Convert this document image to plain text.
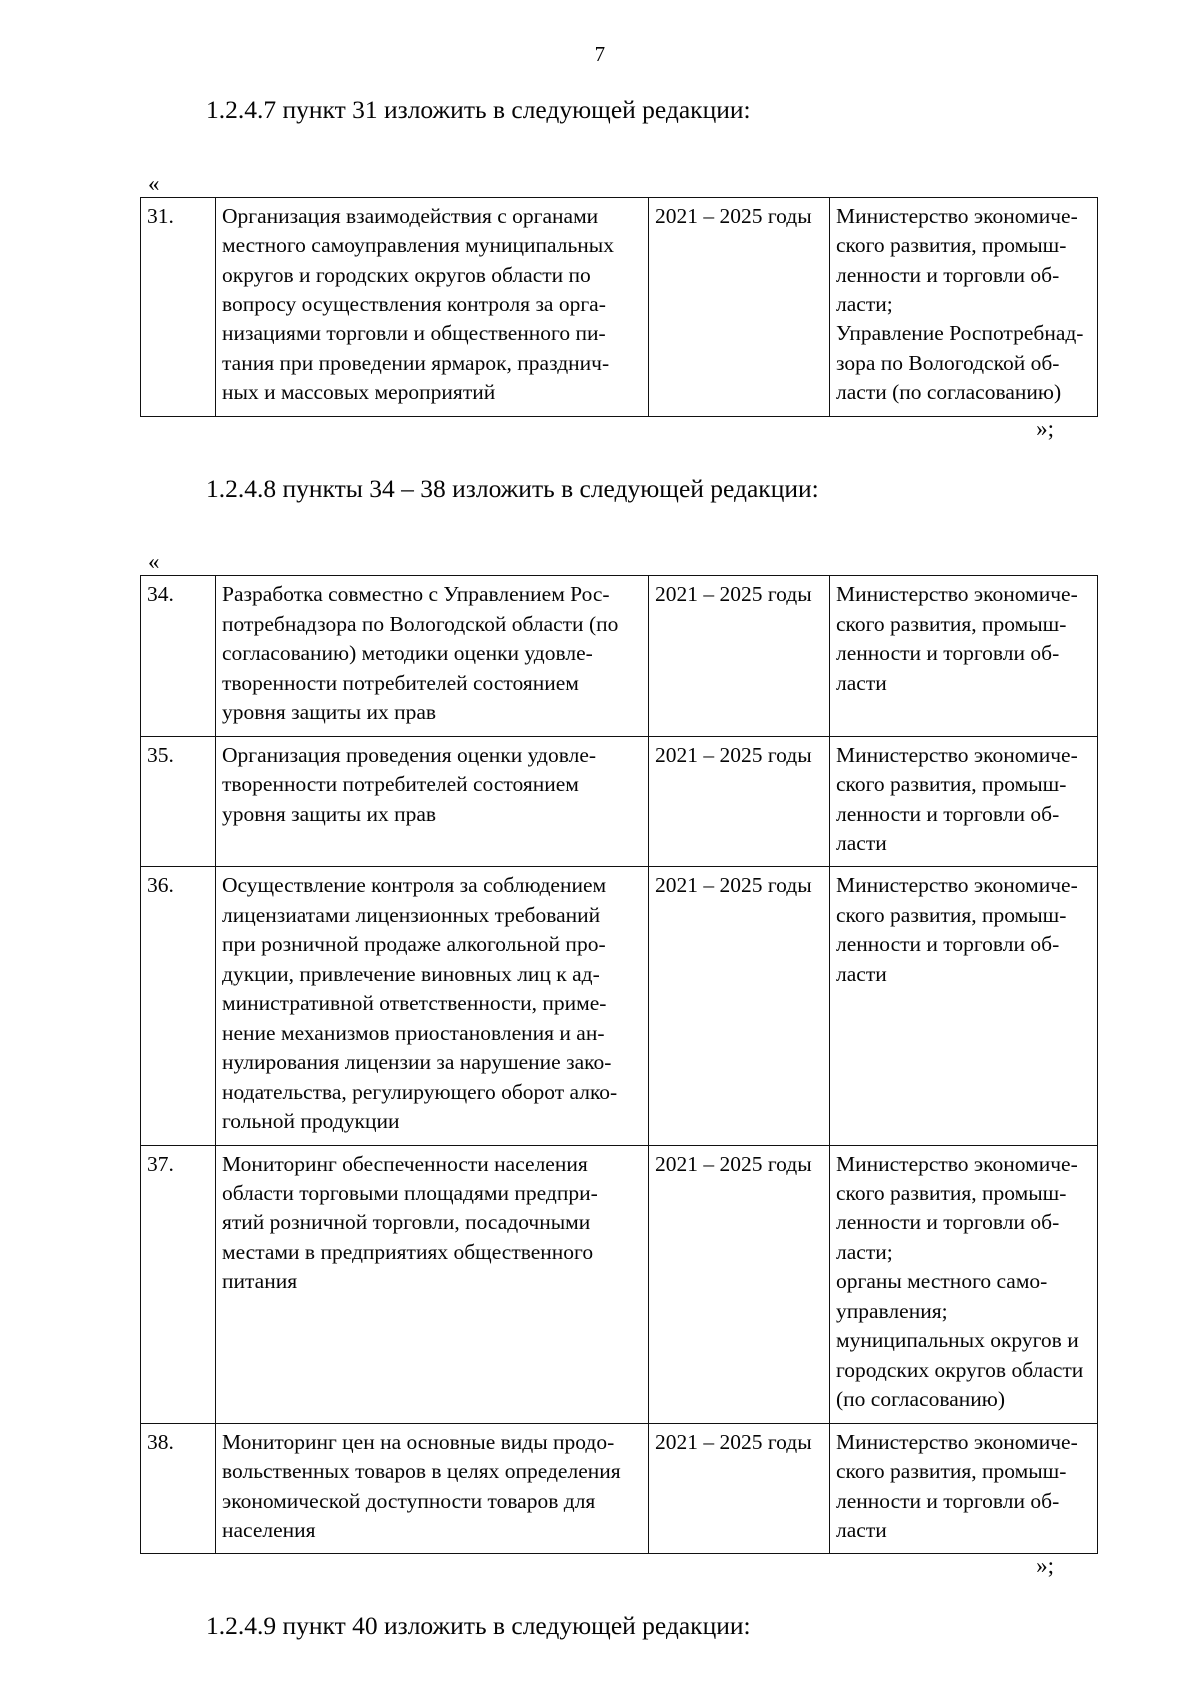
7
1.2.4.7 пункт 31 изложить в следующей редакции:
«
31.	Организация взаимодействия с органами
местного самоуправления муниципальных
округов и городских округов области по
вопросу осуществления контроля за орга-
низациями торговли и общественного пи-
тания при проведении ярмарок, празднич-
ных и массовых мероприятий
	2021 – 2025 годы	Министерство экономиче-
ского развития, промыш-
ленности и торговли об-
ласти;
Управление Роспотребнад-
зора по Вологодской об-
ласти (по согласованию)
»;
1.2.4.8 пункты 34 – 38 изложить в следующей редакции:
«
34.	Разработка совместно с Управлением Рос-
потребнадзора по Вологодской области (по
согласованию) методики оценки удовле-
творенности потребителей состоянием
уровня защиты их прав	2021 – 2025 годы	Министерство экономиче-
ского развития, промыш-
ленности и торговли об-
ласти

35.	Организация проведения оценки удовле-
творенности потребителей состоянием
уровня защиты их прав	2021 – 2025 годы	Министерство экономиче-
ского развития, промыш-
ленности и торговли об-
ласти

36.	Осуществление контроля за соблюдением
лицензиатами лицензионных требований
при розничной продаже алкогольной про-
дукции, привлечение виновных лиц к ад-
министративной ответственности, приме-
нение механизмов приостановления и ан-
нулирования лицензии за нарушение зако-
нодательства, регулирующего оборот алко-
гольной продукции
	2021 – 2025 годы	Министерство экономиче-
ского развития, промыш-
ленности и торговли об-
ласти

37.	Мониторинг обеспеченности населения
области торговыми площадями предпри-
ятий розничной торговли, посадочными
местами в предприятиях общественного
питания
	2021 – 2025 годы	Министерство экономиче-
ского развития, промыш-
ленности и торговли об-
ласти;
органы местного само-
управления;
муниципальных округов и
городских округов области
(по согласованию)

38.	Мониторинг цен на основные виды продо-
вольственных товаров в целях определения
экономической доступности товаров для
населения	2021 – 2025 годы	Министерство экономиче-
ского развития, промыш-
ленности и торговли об-
ласти
»;
1.2.4.9 пункт 40 изложить в следующей редакции:
